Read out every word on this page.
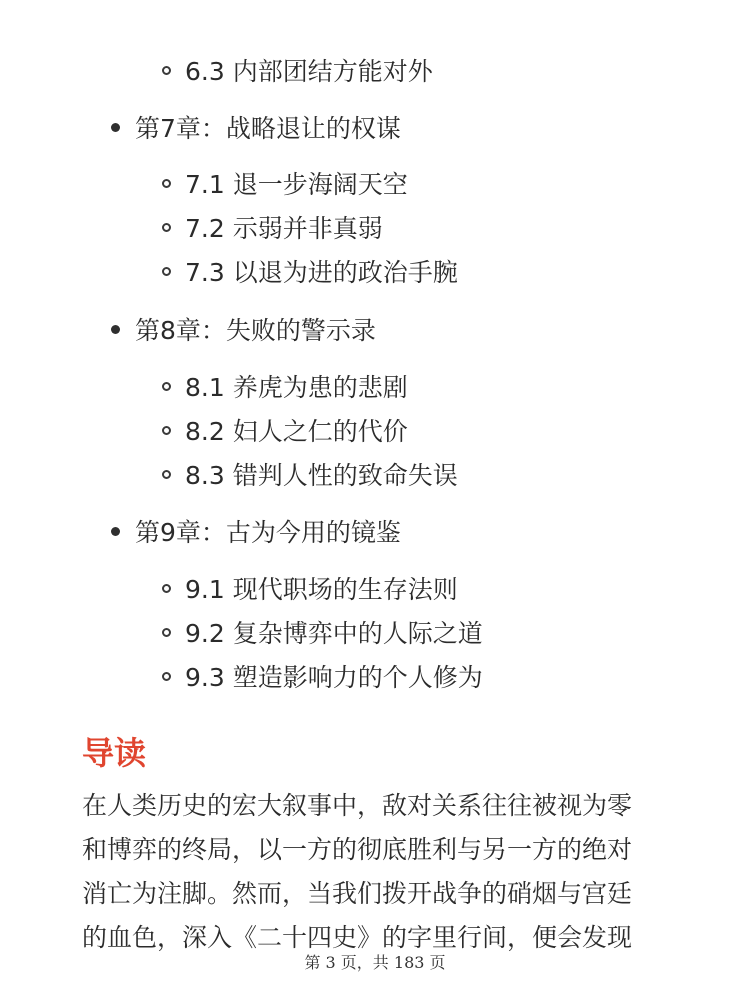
6.3 内部团结方能对外
第7章：战略退让的权谋
7.1 退一步海阔天空
7.2 示弱并非真弱
7.3 以退为进的政治手腕
第8章：失败的警示录
8.1 养虎为患的悲剧
8.2 妇人之仁的代价
8.3 错判人性的致命失误
第9章：古为今用的镜鉴
9.1 现代职场的生存法则
9.2 复杂博弈中的人际之道
9.3 塑造影响力的个人修为
导读
在人类历史的宏大叙事中，敌对关系往往被视为零
和博弈的终局，以一方的彻底胜利与另一方的绝对
消亡为注脚。然而，当我们拨开战争的硝烟与宫廷
的血色，深入《二十四史》的字里行间，便会发现
第 3 页，共 183 页
